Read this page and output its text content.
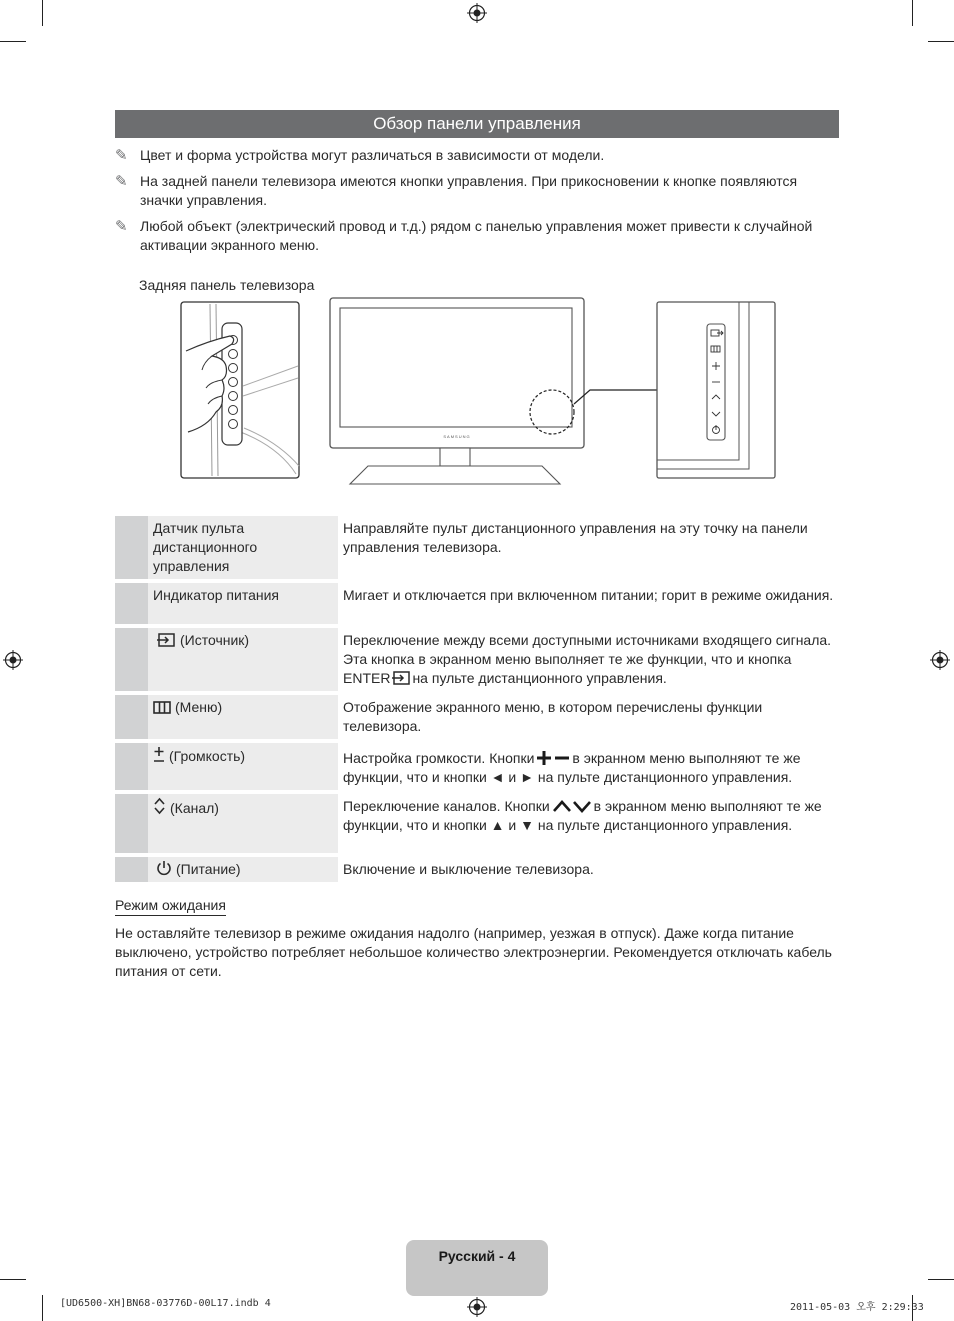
Обзор панели управления
✎ Цвет и форма устройства могут различаться в зависимости от модели.
✎ На задней панели телевизора имеются кнопки управления. При прикосновении к кнопке появляются значки управления.
✎ Любой объект (электрический провод и т.д.) рядом с панелью управления может привести к случайной активации экранного меню.
Задняя панель телевизора
SAMSUNG
	Датчик пульта дистанционного управления	Направляйте пульт дистанционного управления на эту точку на панели управления телевизора.
	Индикатор питания	Мигает и отключается при включенном питании; горит в режиме ожидания.
	(Источник)	Переключение между всеми доступными источниками входящего сигнала. Эта кнопка в экранном меню выполняет те же функции, что и кнопка ENTER на пульте дистанционного управления.
	(Меню)	Отображение экранного меню, в котором перечислены функции телевизора.
	(Громкость)	Настройка громкости. Кнопки в экранном меню выполняют те же функции, что и кнопки ◄ и ► на пульте дистанционного управления.
	(Канал)	Переключение каналов. Кнопки в экранном меню выполняют те же функции, что и кнопки ▲ и ▼ на пульте дистанционного управления.
	(Питание)	Включение и выключение телевизора.
Режим ожидания
Не оставляйте телевизор в режиме ожидания надолго (например, уезжая в отпуск). Даже когда питание выключено, устройство потребляет небольшое количество электроэнергии. Рекомендуется отключать кабель питания от сети.
Русский - 4
[UD6500-XH]BN68-03776D-00L17.indb 4	2011-05-03 오후 2:29:33
